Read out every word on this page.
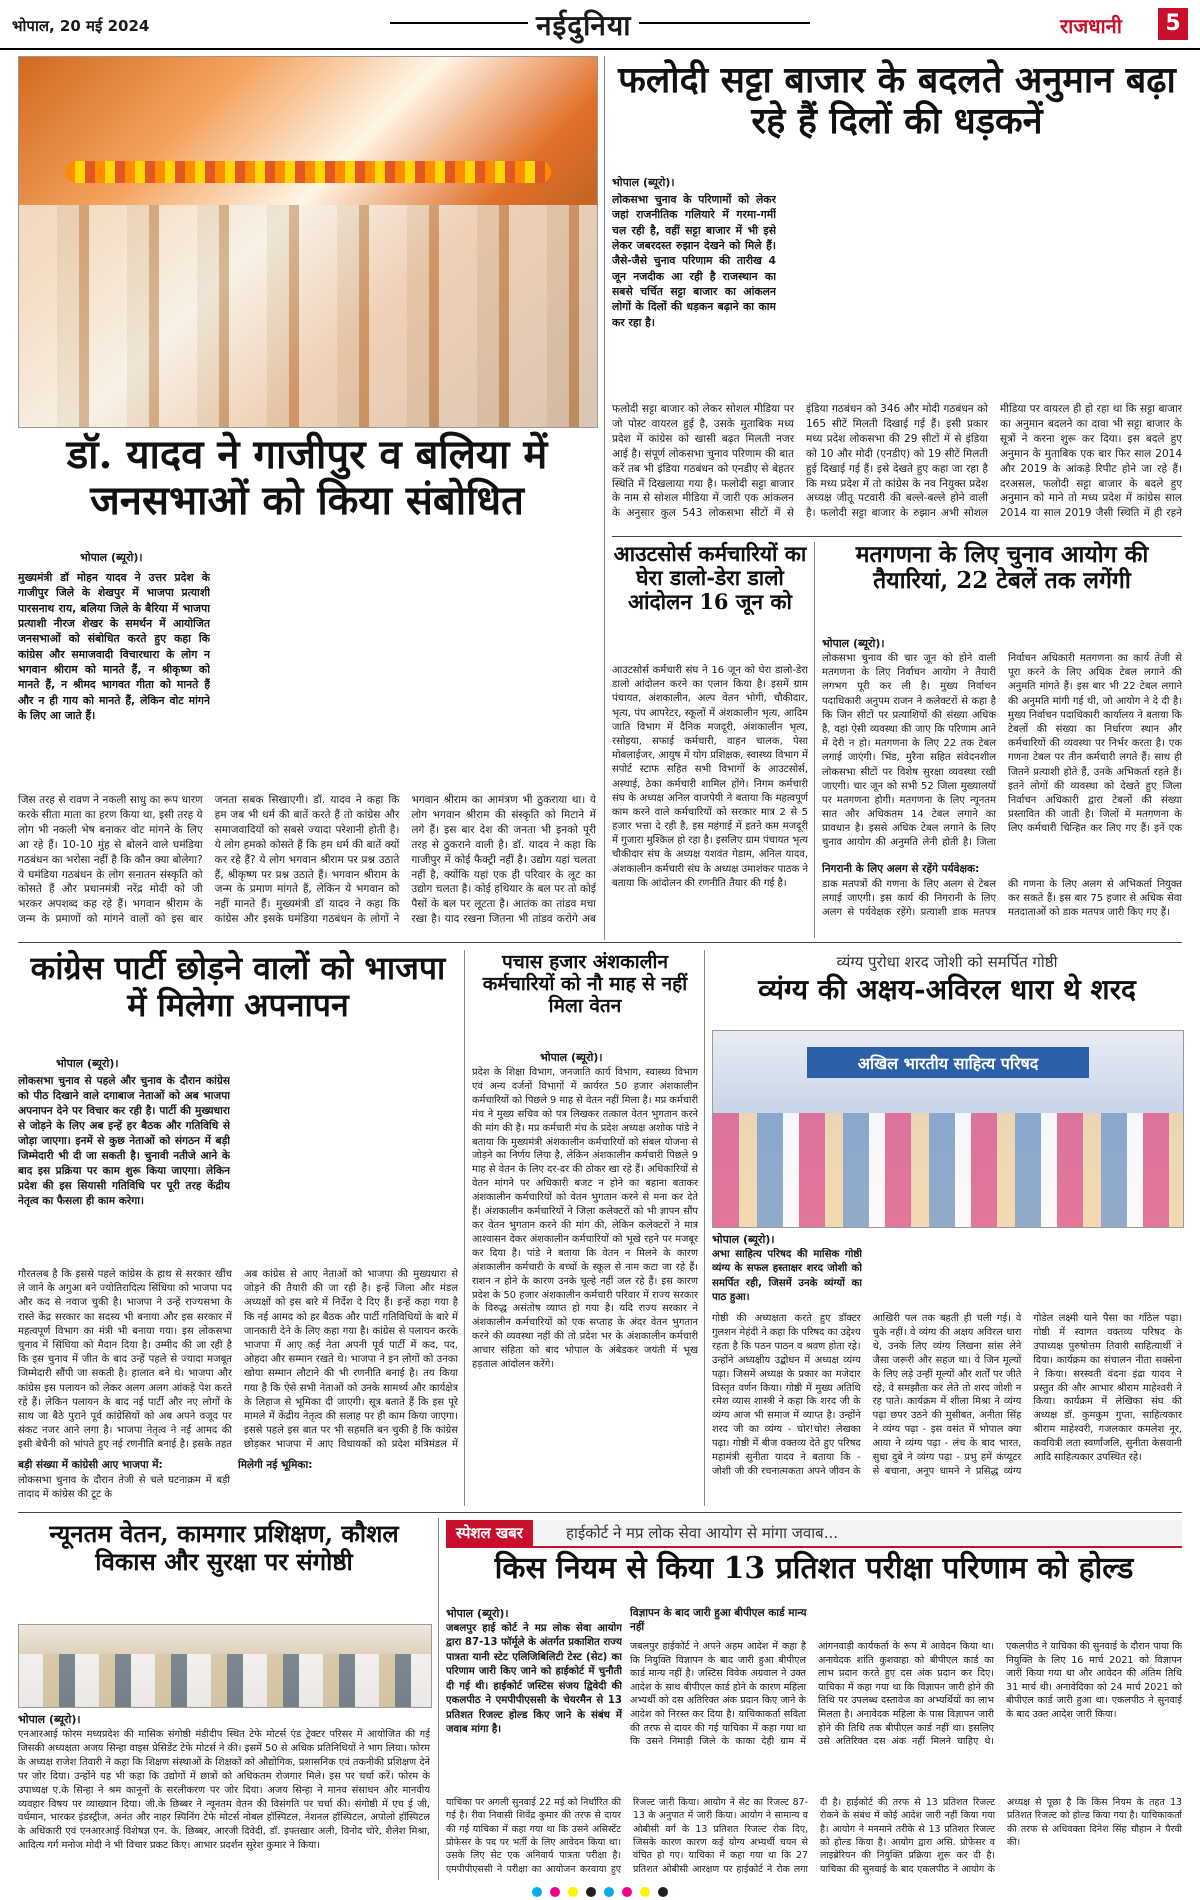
भोपाल, 20 मई 2024	नईदुनिया	राजधानी	5
डॉ. यादव ने गाजीपुर व बलिया में जनसभाओं को किया संबोधित
भोपाल (ब्यूरो)।
मुख्यमंत्री डॉ मोहन यादव ने उत्तर प्रदेश के गाजीपुर जिले के शेखपुर में भाजपा प्रत्याशी पारसनाथ राय, बलिया जिले के बैरिया में भाजपा प्रत्याशी नीरज शेखर के समर्थन में आयोजित जनसभाओं को संबोधित करते हुए कहा कि कांग्रेस और समाजवादी विचारधारा के लोग न भगवान श्रीराम को मानते हैं, न श्रीकृष्ण को मानते हैं, न श्रीमद भागवत गीता को मानते हैं और न ही गाय को मानते हैं, लेकिन वोट मांगने के लिए आ जाते हैं।
जिस तरह से रावण ने नकली साधु का रूप धारण करके सीता माता का हरण किया था, इसी तरह ये लोग भी नकली भेष बनाकर वोट मांगने के लिए आ रहे हैं। 10-10 मुंह से बोलने वाले घमंडिया गठबंधन का भरोसा नहीं है कि कौन क्या बोलेगा? ये घमंडिया गठबंधन के लोग सनातन संस्कृति को कोसते हैं और प्रधानमंत्री नरेंद्र मोदी को जी भरकर अपशब्द कह रहे हैं। भगवान श्रीराम के जन्म के प्रमाणों को मांगने वालों को इस बार जनता सबक सिखाएगी। डॉ. यादव ने कहा कि हम जब भी धर्म की बातें करते हैं तो कांग्रेस और समाजवादियों को सबसे ज्यादा परेशानी होती है। ये लोग हमको कोसते हैं कि हम धर्म की बातें क्यों कर रहे हैं? ये लोग भगवान श्रीराम पर प्रश्न उठाते हैं, श्रीकृष्ण पर प्रश्न उठाते हैं। भगवान श्रीराम के जन्म के प्रमाण मांगते हैं, लेकिन ये भगवान को नहीं मानते हैं। मुख्यमंत्री डॉ यादव ने कहा कि कांग्रेस और इसके घमंडिया गठबंधन के लोगों ने भगवान श्रीराम का आमंत्रण भी ठुकराया था। ये लोग भगवान श्रीराम की संस्कृति को मिटाने में लगे हैं। इस बार देश की जनता भी इनको पूरी तरह से ठुकराने वाली है। डॉ. यादव ने कहा कि गाजीपुर में कोई फैक्ट्री नहीं है। उद्योग यहां चलता नहीं है, क्योंकि यहां एक ही परिवार के लूट का उद्योग चलता है। कोई हथियार के बल पर तो कोई पैसों के बल पर लूटता है। आतंक का तांडव मचा रखा है। याद रखना जितना भी तांडव करोगे अब
फलोदी सट्टा बाजार के बदलते अनुमान बढ़ा रहे हैं दिलों की धड़कनें
भोपाल (ब्यूरो)।
लोकसभा चुनाव के परिणामों को लेकर जहां राजनीतिक गलियारे में गरमा-गर्मी चल रही है, वहीं सट्टा बाजार में भी इसे लेकर जबरदस्त रुझान देखने को मिले हैं। जैसे-जैसे चुनाव परिणाम की तारीख 4 जून नजदीक आ रही है राजस्थान का सबसे चर्चित सट्टा बाजार का आंकलन लोगों के दिलों की धड़कन बढ़ाने का काम कर रहा है।
फलोदी सट्टा बाजार को लेकर सोशल मीडिया पर जो पोस्ट वायरल हुई है, उसके मुताबिक मध्य प्रदेश में कांग्रेस को खासी बढ़त मिलती नजर आई है। संपूर्ण लोकसभा चुनाव परिणाम की बात करें तब भी इंडिया गठबंधन को एनडीए से बेहतर स्थिति में दिखलाया गया है। फलोदी सट्टा बाजार के नाम से सोशल मीडिया में जारी एक आंकलन के अनुसार कुल 543 लोकसभा सीटों में से इंडिया गठबंधन को 346 और मोदी गठबंधन को 165 सीटें मिलती दिखाई गई हैं। इसी प्रकार मध्य प्रदेश लोकसभा की 29 सीटों में से इंडिया को 10 और मोदी (एनडीए) को 19 सीटें मिलती हुई दिखाई गई हैं। इसे देखते हुए कहा जा रहा है कि मध्य प्रदेश में तो कांग्रेस के नव नियुक्त प्रदेश अध्यक्ष जीतू पटवारी की बल्ले-बल्ले होने वाली है। फलोदी सट्टा बाजार के रुझान अभी सोशल मीडिया पर वायरल ही हो रहा था कि सट्टा बाजार का अनुमान बदलने का दावा भी सट्टा बाजार के सूत्रों ने करना शुरू कर दिया। इस बदले हुए अनुमान के मुताबिक एक बार फिर साल 2014 और 2019 के आंकड़े रिपीट होने जा रहे हैं। दरअसल, फलोदी सट्टा बाजार के बदले हुए अनुमान को माने तो मध्य प्रदेश में कांग्रेस साल 2014 या साल 2019 जैसी स्थिति में ही रहने
आउटसोर्स कर्मचारियों का घेरा डालो-डेरा डालो आंदोलन 16 जून को
आउटसोर्स कर्मचारी संघ ने 16 जून को घेरा डालो-डेरा डालो आंदोलन करने का एलान किया है। इसमें ग्राम पंचायत, अंशकालीन, अल्प वेतन भोगी, चौकीदार, भृत्य, पंप आपरेटर, स्कूलों में अंशकालीन भृत्य, आदिम जाति विभाग में दैनिक मजदूरी, अंशकालीन भृत्य, रसोइया, सफाई कर्मचारी, वाहन चालक, पेसा मोबलाईजर, आयुष में योग प्रशिक्षक, स्वास्थ्य विभाग में सपोर्ट स्टाफ सहित सभी विभागों के आउटसोर्स, अस्थाई, ठेका कर्मचारी शामिल होंगे। निगम कर्मचारी संघ के अध्यक्ष अनिल वाजपेयी ने बताया कि महत्वपूर्ण काम करने वाले कर्मचारियों को सरकार मात्र 2 से 5 हजार भत्ता दे रही है, इस महंगाई में इतने कम मजदूरी में गुजारा मुश्किल हो रहा है। इसलिए ग्राम पंचायत भृत्य चौकीदार संघ के अध्यक्ष यशवंत गेडाम, अनिल यादव, अंशकालीन कर्मचारी संघ के अध्यक्ष उमाशंकर पाठक ने बताया कि आंदोलन की रणनीति तैयार की गई है।
मतगणना के लिए चुनाव आयोग की तैयारियां, 22 टेबलें तक लगेंगी
भोपाल (ब्यूरो)।
लोकसभा चुनाव की चार जून को होने वाली मतगणना के लिए निर्वाचन आयोग ने तैयारी लगभग पूरी कर ली है। मुख्य निर्वाचन पदाधिकारी अनुपम राजन ने कलेक्टरों से कहा है कि जिन सीटों पर प्रत्याशियों की संख्या अधिक है, वहां ऐसी व्यवस्था की जाए कि परिणाम आने में देरी न हो। मतगणना के लिए 22 तक टेबल लगाई जाएंगी। भिंड, मुरैना सहित संवेदनशील लोकसभा सीटों पर विशेष सुरक्षा व्यवस्था रखी जाएगी। चार जून को सभी 52 जिला मुख्यालयों पर मतगणना होगी। मतगणना के लिए न्यूनतम सात और अधिकतम 14 टेबल लगाने का प्रावधान है। इससे अधिक टेबल लगाने के लिए चुनाव आयोग की अनुमति लेनी होती है। जिला निर्वाचन अधिकारी मतगणना का कार्य तेजी से पूरा करने के लिए अधिक टेबल लगाने की अनुमति मांगते हैं। इस बार भी 22 टेबल लगाने की अनुमति मांगी गई थी, जो आयोग ने दे दी है। मुख्य निर्वाचन पदाधिकारी कार्यालय ने बताया कि टेबलों की संख्या का निर्धारण स्थान और कर्मचारियों की व्यवस्था पर निर्भर करता है। एक गणना टेबल पर तीन कर्मचारी लगते हैं। साथ ही जितने प्रत्याशी होते हैं, उनके अभिकर्ता रहते हैं। इतने लोगों की व्यवस्था को देखते हुए जिला निर्वाचन अधिकारी द्वारा टेबलों की संख्या प्रस्तावित की जाती है। जिलों में मतगणना के लिए कर्मचारी चिन्हित कर लिए गए हैं। इनें एक
निगरानी के लिए अलग से रहेंगे पर्यवेक्षक:
डाक मतपत्रों की गणना के लिए अलग से टेबल लगाई जाएगी। इस कार्य की निगरानी के लिए अलग से पर्यवेक्षक रहेंगे। प्रत्याशी डाक मतपत्र की गणना के लिए अलग से अभिकर्ता नियुक्त कर सकते हैं। इस बार 75 हजार से अधिक सेवा मतदाताओं को डाक मतपत्र जारी किए गए हैं।
कांग्रेस पार्टी छोड़ने वालों को भाजपा में मिलेगा अपनापन
भोपाल (ब्यूरो)।
लोकसभा चुनाव से पहले और चुनाव के दौरान कांग्रेस को पीठ दिखाने वाले दगाबाज नेताओं को अब भाजपा अपनापन देने पर विचार कर रही है। पार्टी की मुख्यधारा से जोड़ने के लिए अब इन्हें हर बैठक और गतिविधि से जोड़ा जाएगा। इनमें से कुछ नेताओं को संगठन में बड़ी जिम्मेदारी भी दी जा सकती है। चुनावी नतीजे आने के बाद इस प्रक्रिया पर काम शुरू किया जाएगा। लेकिन प्रदेश की इस सियासी गतिविधि पर पूरी तरह केंद्रीय नेतृत्व का फैसला ही काम करेगा।
गौरतलब है कि इससे पहले कांग्रेस के हाथ से सरकार खींच ले जाने के अगुआ बने ज्योतिरादित्य सिंधिया को भाजपा पद और कद से नवाज चुकी है। भाजपा ने उन्हें राज्यसभा के रास्ते केंद्र सरकार का सदस्य भी बनाया और इस सरकार में महत्वपूर्ण विभाग का मंत्री भी बनाया गया। इस लोकसभा चुनाव में सिंधिया को मैदान दिया है। उम्मीद की जा रही है कि इस चुनाव में जीत के बाद उन्हें पहले से ज्यादा मजबूत जिम्मेदारी सौंपी जा सकती है। हालात बने थे। भाजपा और कांग्रेस इस पलायन को लेकर अलग अलग आंकड़े पेश करते रहे हैं। लेकिन पलायन के बाद नई पार्टी और नए लोगों के साथ जा बैठे पुराने पूर्व कांग्रेसियों को अब अपने वजूद पर संकट नजर आने लगा है। भाजपा नेतृत्व ने नई आमद की इसी बेचैनी को भांपते हुए नई रणनीति बनाई है। इसके तहत अब कांग्रेस से आए नेताओं को भाजपा की मुख्यधारा से जोड़ने की तैयारी की जा रही है। इन्हें जिला और मंडल अध्यक्षों को इस बारे में निर्देश दे दिए हैं। इन्हें कहा गया है कि नई आमद को हर बैठक और पार्टी गतिविधियों के बारे में जानकारी देने के लिए कहा गया है। कांग्रेस से पलायन करके भाजपा में आए कई नेता अपनी पूर्व पार्टी में कद, पद, ओहदा और सम्मान रखते थे। भाजपा ने इन लोगों को उनका खोया सम्मान लौटाने की भी रणनीति बनाई है। तय किया गया है कि ऐसे सभी नेताओं को उनके सामर्थ्य और कार्यक्षेत्र के लिहाज से भूमिका दी जाएगी। सूत्र बताते हैं कि इस पूरे मामले में केंद्रीय नेतृत्व की सलाह पर ही काम किया जाएगा। इससे पहले इस बात पर भी सहमति बन चुकी है कि कांग्रेस छोड़कर भाजपा में आए विधायकों को प्रदेश मंत्रिमंडल में
बड़ी संख्या में कांग्रेसी आए भाजपा में:
लोकसभा चुनाव के दौरान तेजी से चले घटनाक्रम में बड़ी तादाद में कांग्रेस की टूट के
मिलेगी नई भूमिका:
पचास हजार अंशकालीन कर्मचारियों को नौ माह से नहीं मिला वेतन
भोपाल (ब्यूरो)।
प्रदेश के शिक्षा विभाग, जनजाति कार्य विभाग, स्वास्थ्य विभाग एवं अन्य दर्जनों विभागों में कार्यरत 50 हजार अंशकालीन कर्मचारियों को पिछले 9 माह से वेतन नहीं मिला है। मप्र कर्मचारी मंच ने मुख्य सचिव को पत्र लिखकर तत्काल वेतन भुगतान करने की मांग की है। मप्र कर्मचारी मंच के प्रदेश अध्यक्ष अशोक पांडे ने बताया कि मुख्यमंत्री अंशकालीन कर्मचारियों को संबल योजना से जोड़ने का निर्णय लिया है, लेकिन अंशकालीन कर्मचारी पिछले 9 माह से वेतन के लिए दर-दर की ठोकर खा रहे हैं। अधिकारियों से वेतन मांगने पर अधिकारी बजट न होने का बहाना बताकर अंशकालीन कर्मचारियों को वेतन भुगतान करने से मना कर देते हैं। अंशकालीन कर्मचारियों ने जिला कलेक्टरों को भी ज्ञापन सौंप कर वेतन भुगतान करने की मांग की, लेकिन कलेक्टरों ने मात्र आश्वासन देकर अंशकालीन कर्मचारियों को भूखे रहने पर मजबूर कर दिया है। पांडे ने बताया कि वेतन न मिलने के कारण अंशकालीन कर्मचारी के बच्चों के स्कूल से नाम कटा जा रहे हैं। राशन न होने के कारण उनके चूल्हे नहीं जल रहे हैं। इस कारण प्रदेश के 50 हजार अंशकालीन कर्मचारी परिवार में राज्य सरकार के विरुद्ध असंतोष व्याप्त हो गया है। यदि राज्य सरकार ने अंशकालीन कर्मचारियों को एक सप्ताह के अंदर वेतन भुगतान करने की व्यवस्था नहीं की तो प्रदेश भर के अंशकालीन कर्मचारी आचार संहिता को बाद भोपाल के अंबेडकर जयंती में भूख हड़ताल आंदोलन करेंगे।
व्यंग्य पुरोधा शरद जोशी को समर्पित गोष्ठी
व्यंग्य की अक्षय-अविरल धारा थे शरद
अखिल भारतीय साहित्य परिषद
भोपाल (ब्यूरो)।
अभा साहित्य परिषद की मासिक गोष्ठी व्यंग्य के सफल हस्ताक्षर शरद जोशी को समर्पित रही, जिसमें उनके व्यंग्यों का पाठ हुआ।
गोष्ठी की अध्यक्षता करते हुए डॉक्टर गुलशन मेहंदी ने कहा कि परिषद का उद्देश्य रहता है कि पठन पाठन व श्रवण होता रहे। उन्होंने अध्यक्षीय उद्बोधन में अध्यक्ष व्यंग्य पढ़ा। जिसमें अध्यक्ष के प्रकार का मजेदार विस्तृत वर्णन किया। गोष्ठी में मुख्य अतिथि रमेश व्यास शास्त्री ने कहा कि शरद जी के व्यंग्य आज भी समाज में व्याप्त है। उन्होंने शरद जी का व्यंग्य - चोर!चोर! लेखका पढ़ा। गोष्ठी में बीज वक्तव्य देते हुए परिषद महामंत्री सुनीता यादव ने बताया कि - जोशी जी की रचनात्मकता अपने जीवन के आखिरी पल तक बहती ही चली गई। वे चुके नहीं। वे व्यंग्य की अक्षय अविरल धारा थे, उनके लिए व्यंग्य लिखना सांस लेने जैसा जरूरी और सहज था। वे जिन मूल्यों के लिए लड़े उन्हीं मूल्यों और शर्तों पर जीते रहे, वे समझौता कर लेते तो शरद जोशी न रह पाते। कार्यक्रम में शीला मिश्रा ने व्यंग्य पढ़ा छपर उठने की मुसीबत, अनीता सिंह ने व्यंग्य पढ़ा - इस वसंत में भोपाल क्या आया ने व्यंग्य पढ़ा - लंच के बाद भारत, सुधा दुबे ने व्यंग्य पढ़ा - प्रभु हमें कंप्यूटर से बचाना, अनूप धामने ने प्रसिद्ध व्यंग्य गोडेल लक्ष्मी याने पैसा का गाँठेल पढ़ा। गोष्ठी में स्वागत वक्तव्य परिषद के उपाध्यक्ष पुरुषोत्तम तिवारी साहित्यार्थी ने दिया। कार्यक्रम का संचालन नीता सक्सेना ने किया। सरस्वती वंदना इंद्रा यादव ने प्रस्तुत की और आभार श्रीराम माहेश्वरी ने किया। कार्यक्रम में लेखिका संघ की अध्यक्ष डॉ. कुमकुम गुप्ता, साहित्यकार श्रीराम माहेश्वरी, गजलकार कमलेश नूर, कवयित्री लता स्वर्णांजलि, सुनीता केसवानी आदि साहित्यकार उपस्थित रहे।
न्यूनतम वेतन, कामगार प्रशिक्षण, कौशल विकास और सुरक्षा पर संगोष्ठी
भोपाल (ब्यूरो)।
एनआरआई फोरम मध्यप्रदेश की मासिक संगोष्ठी मंडीदीप स्थित टेफे मोटर्स एंड ट्रेक्टर परिसर में आयोजित की गई जिसकी अध्यक्षता अजय सिन्हा वाइस प्रेसिडेंट टेफे मोटर्स ने की। इसमें 50 से अधिक प्रतिनिधियों ने भाग लिया। फोरम के अध्यक्ष राजेश तिवारी ने कहा कि शिक्षण संस्थाओं के शिक्षकों को औद्योगिक, प्रशासनिक एवं तकनीकी प्रशिक्षण देने पर जोर दिया। उन्होंने यह भी कहा कि उद्योगों में छात्रों को अधिकतम रोजगार मिले। इस पर चर्चा करें। फोरम के उपाध्यक्ष ए.के सिन्हा ने श्रम कानूनों के सरलीकरण पर जोर दिया। अजय सिन्हा ने मानव संसाधन और मानवीय व्यवहार विषय पर व्याख्यान दिया। जी.के छिब्बर ने न्यूनतम वेतन की विसंगति पर चर्चा की। संगोष्ठी में एच ई जी, वर्धमान, भारकर इंडस्ट्रीज, अनंत और नाहर स्पिनिंग टेफे मोटर्स नोबल हॉस्पिटल, नेशनल हॉस्पिटल, अपोलो हॉस्पिटल के अधिकारी एवं एनआरआई विशेषज्ञ एन. के. छिब्बर, आरजी दिवेदी, डॉ. इफ्तखार अली, विनोद चोरे, शैलेश मिश्रा, आदित्य गर्ग मनोज मोदी ने भी विचार प्रकट किए। आभार प्रदर्शन सुरेश कुमार ने किया।
स्पेशल खबर	हाईकोर्ट ने मप्र लोक सेवा आयोग से मांगा जवाब...
किस नियम से किया 13 प्रतिशत परीक्षा परिणाम को होल्ड
भोपाल (ब्यूरो)।
जबलपुर हाई कोर्ट ने मप्र लोक सेवा आयोग द्वारा 87-13 फॉर्मूले के अंतर्गत प्रकाशित राज्य पात्रता यानी स्टेट एलिजिबिलिटी टेस्ट (सेट) का परिणाम जारी किए जाने को हाईकोर्ट में चुनौती दी गई थी। हाईकोर्ट जस्टिस संजय द्विवेदी की एकलपीठ ने एमपीपीएससी के चेयरमैन से 13 प्रतिशत रिजल्ट होल्ड किए जाने के संबंध में जवाब मांगा है।
याचिका पर अगली सुनवाई 22 मई को निर्धारित की गई है। रीवा निवासी शिवेंद्र कुमार की तरफ से दायर की गई याचिका में कहा गया था कि उसने असिस्टेंट प्रोफेसर के पद पर भर्ती के लिए आवेदन किया था। उसके लिए सेट एक अनिवार्य पात्रता परीक्षा है। एमपीपीएससी ने परीक्षा का आयोजन करवाया हुए रिजल्ट जारी किया। आयोग ने सेट का रिजल्ट 87-13 के अनुपात में जारी किया। आयोग ने सामान्य व ओबीसी वर्ग के 13 प्रतिशत रिजल्ट रोक दिए, जिसके कारण कारण कई योग्य अभ्यर्थी चयन से वंचित हो गए। याचिका में कहा गया था कि 27 प्रतिशत ओबीसी आरक्षण पर हाईकोर्ट ने रोक लगा दी है। हाईकोर्ट की तरफ से 13 प्रतिशत रिजल्ट रोकने के संबंध में कोई आदेश जारी नहीं किया गया है। आयोग ने मनमाने तरीके से 13 प्रतिशत रिजल्ट को होल्ड किया है। आयोग द्वारा असि. प्रोफेसर व लाइब्रेरियन की नियुक्ति प्रक्रिया शुरू कर दी है। याचिका की सुनवाई के बाद एकलपीठ ने आयोग के अध्यक्ष से पूछा है कि किस नियम के तहत 13 प्रतिशत रिजल्ट को होल्ड किया गया है। याचिकाकर्ता की तरफ से अधिवक्ता दिनेश सिंह चौहान ने पैरवी की।
विज्ञापन के बाद जारी हुआ बीपीएल कार्ड मान्य नहीं
जबलपुर हाईकोर्ट ने अपने अहम आदेश में कहा है कि नियुक्ति विज्ञापन के बाद जारी हुआ बीपीएल कार्ड मान्य नहीं है। जस्टिस विवेक अग्रवाल ने उक्त आदेश के साथ बीपीएल कार्ड होने के कारण महिला अभ्यर्थी को दस अतिरिक्त अंक प्रदान किए जाने के आदेश को निरस्त कर दिया है। याचिकाकर्ता सविता की तरफ से दायर की गई याचिका में कहा गया था कि उसने निमाड़ी जिले के काका देही ग्राम में आंगनवाड़ी कार्यकर्ता के रूप में आवेदन किया था। अनावेदक शांति कुशवाहा को बीपीएल कार्ड का लाभ प्रदान करते हुए दस अंक प्रदान कर दिए। याचिका में कहा गया था कि विज्ञापन जारी होने की तिथि पर उपलब्ध दस्तावेज का अभ्यर्थियों का लाभ मिलता है। अनावेदक महिला के पास विज्ञापन जारी होने की तिथि तक बीपीएल कार्ड नहीं था। इसलिए उसे अतिरिक्त दस अंक नहीं मिलने चाहिए थे। एकलपीठ ने याचिका की सुनवाई के दौरान पाया कि नियुक्ति के लिए 16 मार्च 2021 को विज्ञापन जारी किया गया था और आवेदन की अंतिम तिथि 31 मार्च थी। अनावेदिका को 24 मार्च 2021 को बीपीएल कार्ड जारी हुआ था। एकलपीठ ने सुनवाई के बाद उक्त आदेश जारी किया।
